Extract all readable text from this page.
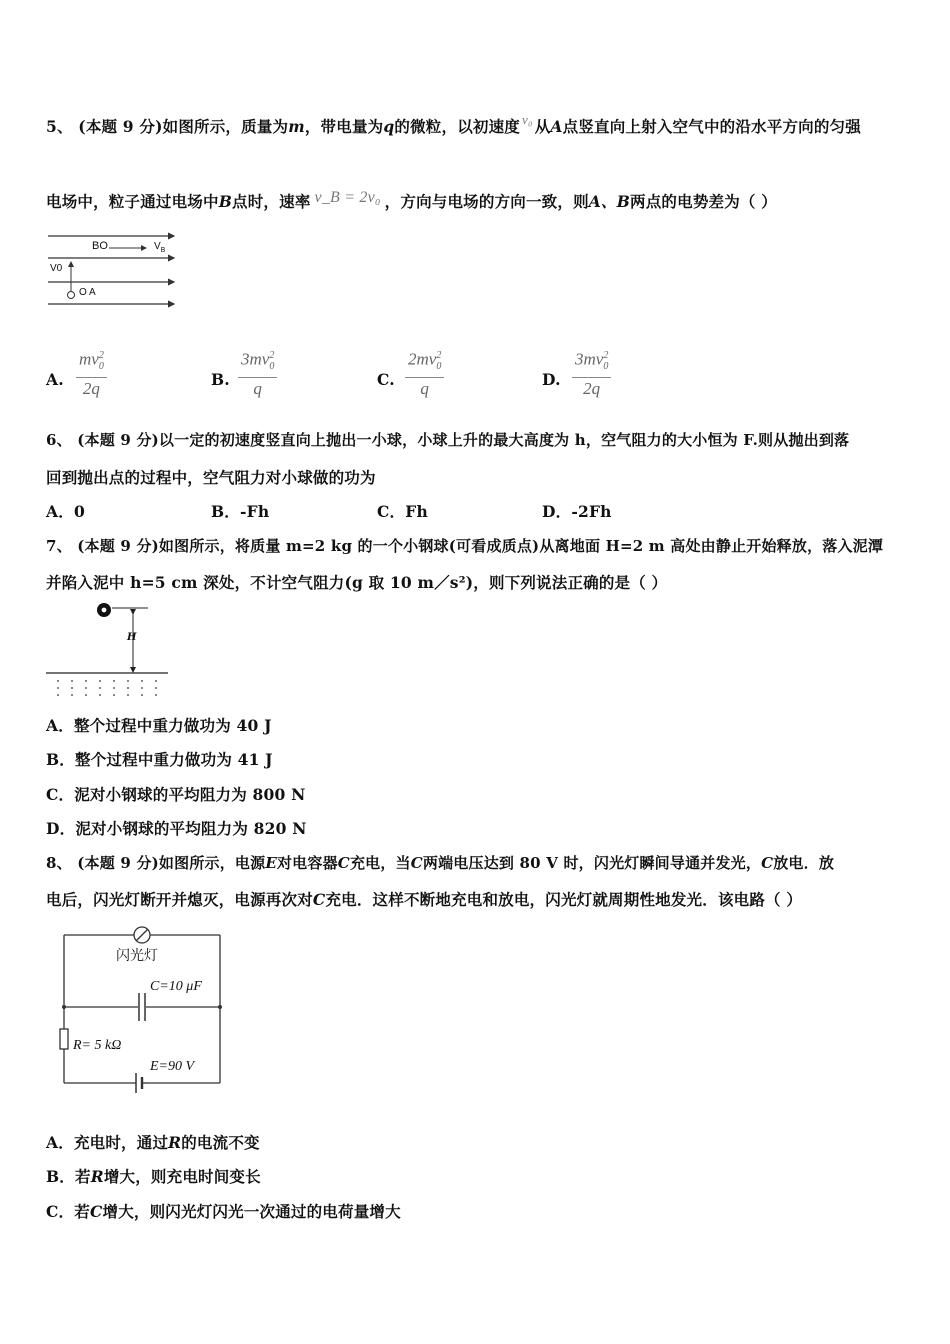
5、 (本题 9 分)如图所示，质量为m，带电量为q的微粒，以初速度 $^{v_0}$ 从A点竖直向上射入空气中的沿水平方向的匀强
电场中，粒子通过电场中B点时，速率 v_B = 2v₀ ，方向与电场的方向一致，则A、B两点的电势差为（ ）
BO	$V_B$
V0
O A
A. $\frac{mv_0^2}{2q}$	B. $\frac{3mv_0^2}{q}$	C. $\frac{2mv_0^2}{q}$	D. $\frac{3mv_0^2}{2q}$
6、 (本题 9 分)以一定的初速度竖直向上抛出一小球，小球上升的最大高度为 h，空气阻力的大小恒为 F.则从抛出到落
回到抛出点的过程中，空气阻力对小球做的功为
A．0	B．-Fh	C．Fh	D．-2Fh
7、 (本题 9 分)如图所示，将质量 m=2 kg 的一个小钢球(可看成质点)从离地面 H=2 m 高处由静止开始释放，落入泥潭
并陷入泥中 h=5 cm 深处，不计空气阻力(g 取 10 m／s²)，则下列说法正确的是（ ）
H
A．整个过程中重力做功为 40 J
B．整个过程中重力做功为 41 J
C．泥对小钢球的平均阻力为 800 N
D．泥对小钢球的平均阻力为 820 N
8、 (本题 9 分)如图所示，电源E对电容器C充电，当C两端电压达到 80 V 时，闪光灯瞬间导通并发光，C放电．放
电后，闪光灯断开并熄灭，电源再次对C充电．这样不断地充电和放电，闪光灯就周期性地发光．该电路（ ）
闪光灯
C=10 μF
R= 5 kΩ
E=90 V
A．充电时，通过R的电流不变
B．若R增大，则充电时间变长
C．若C增大，则闪光灯闪光一次通过的电荷量增大
